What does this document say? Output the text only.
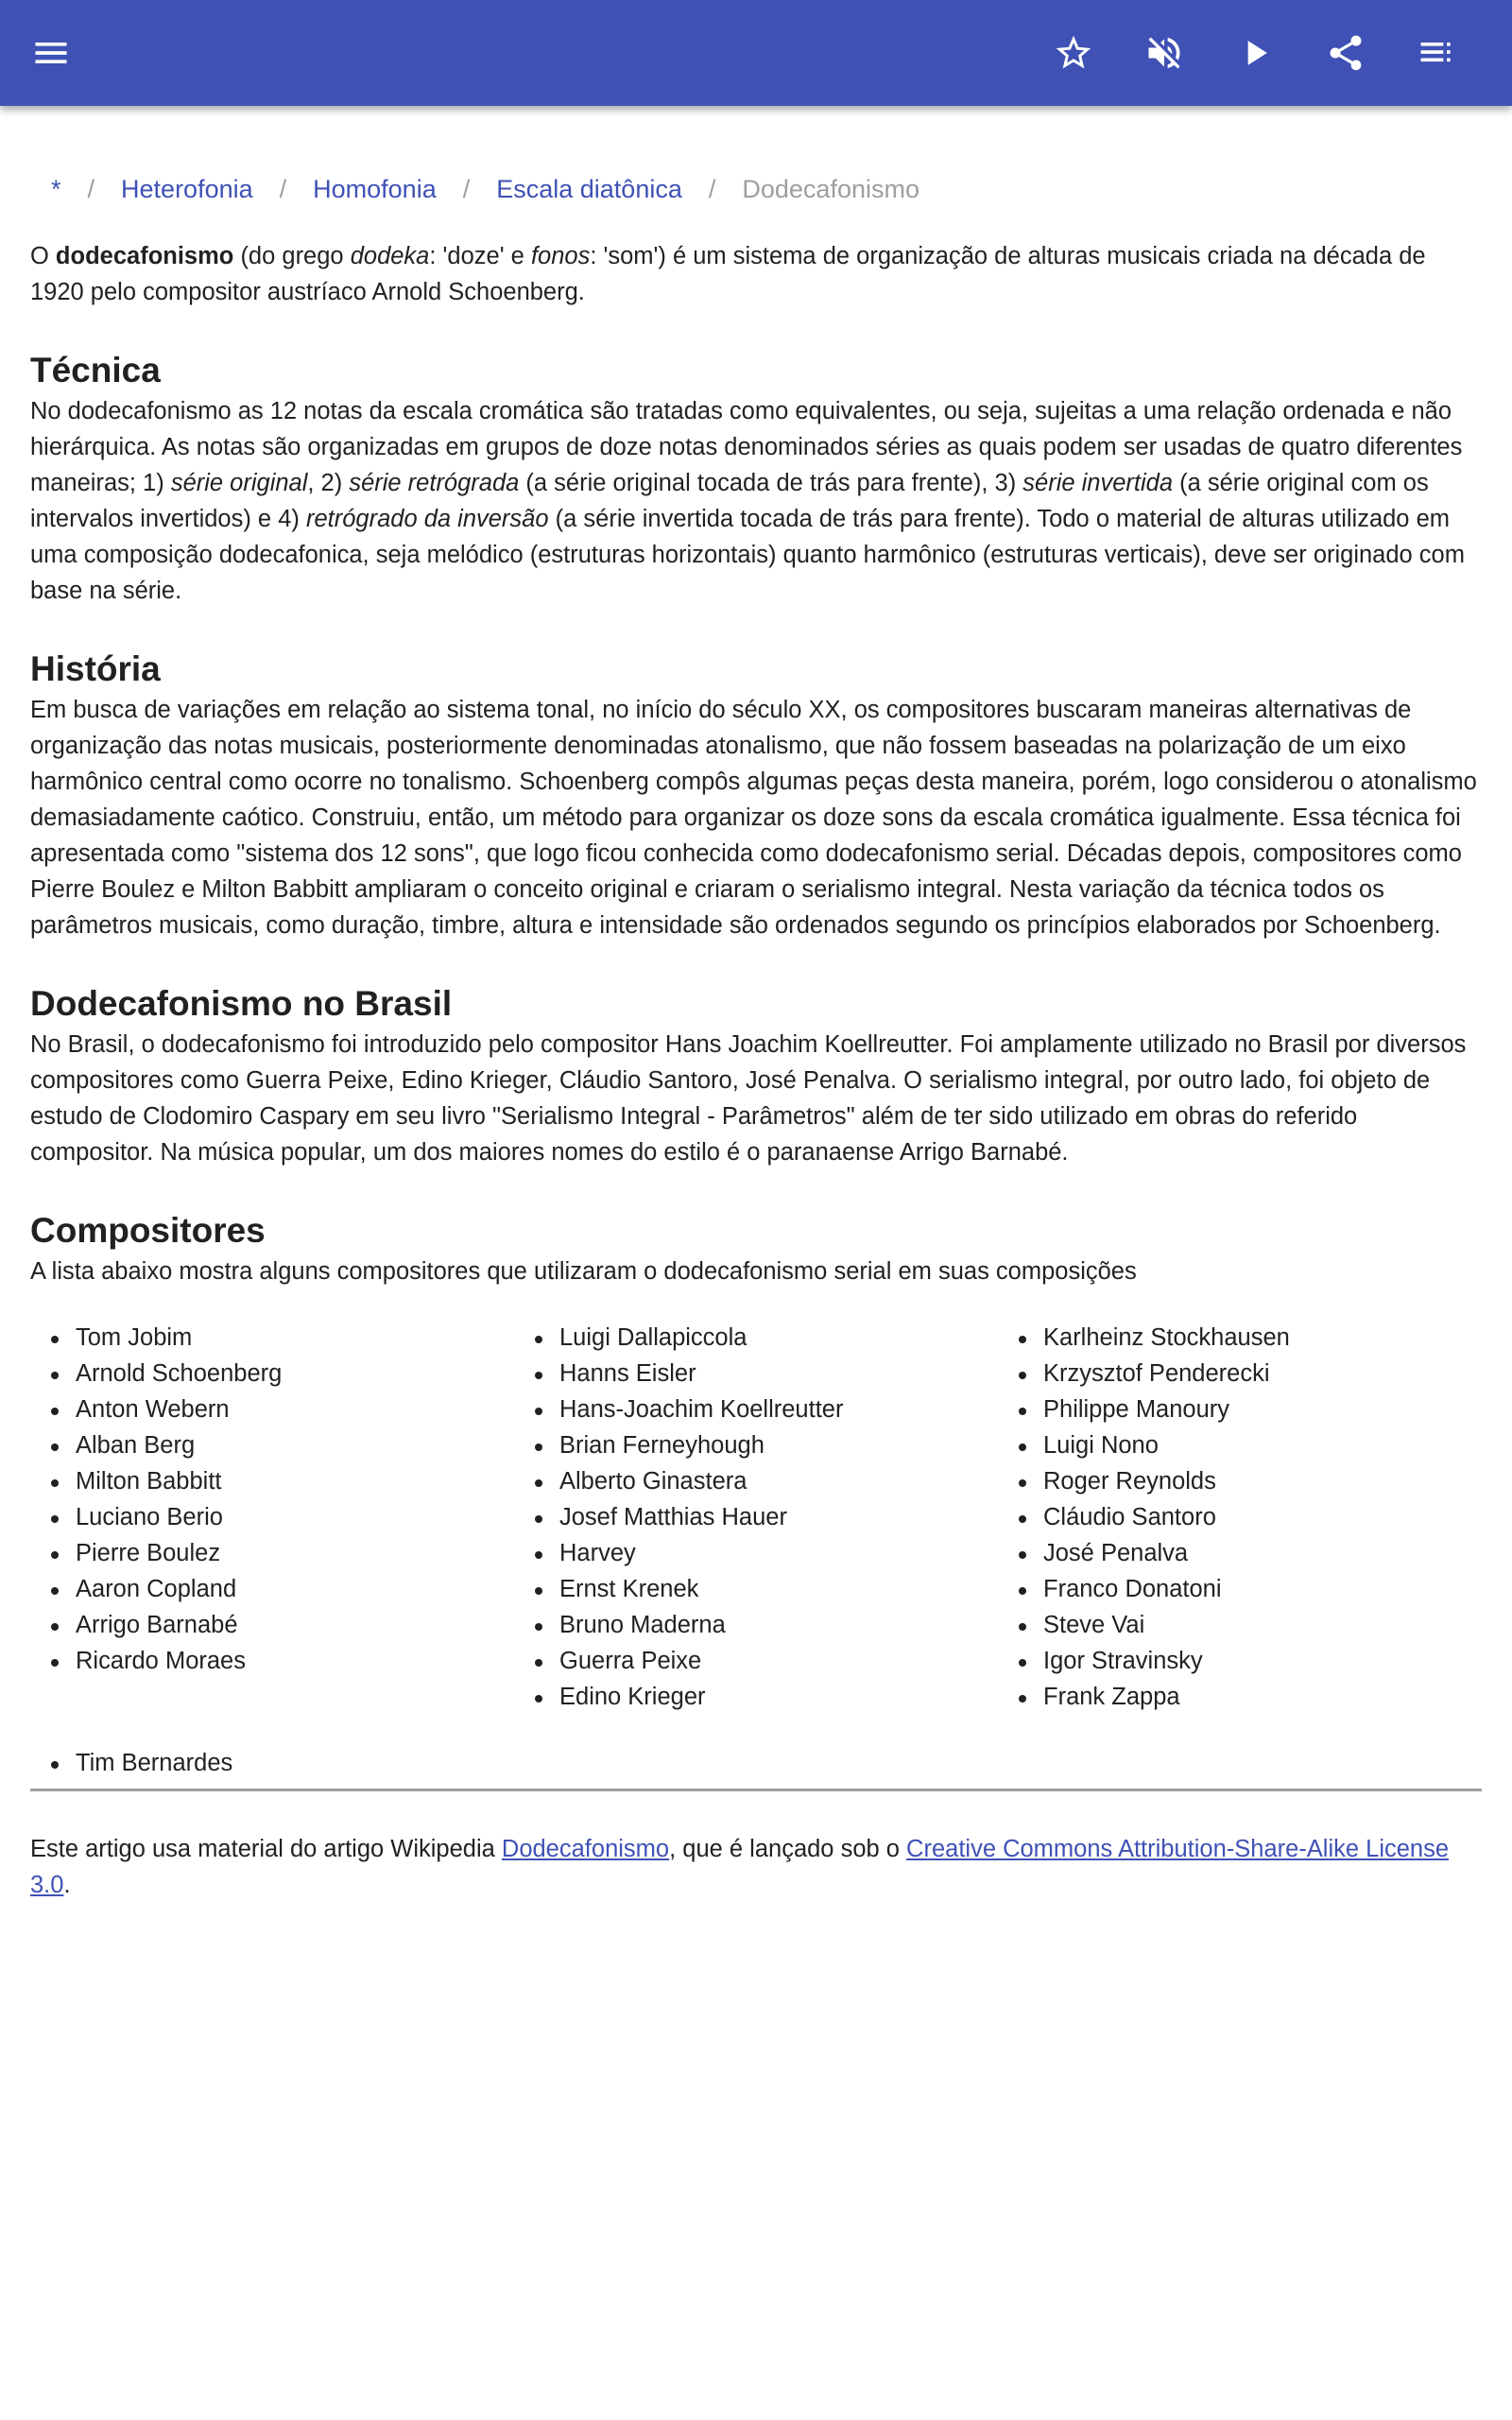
* / Heterofonia / Homofonia / Escala diatônica / Dodecafonismo

O dodecafonismo (do grego dodeka: 'doze' e fonos: 'som') é um sistema de organização de alturas musicais criada na década de 1920 pelo compositor austríaco Arnold Schoenberg.

Técnica

No dodecafonismo as 12 notas da escala cromática são tratadas como equivalentes, ou seja, sujeitas a uma relação ordenada e não hierárquica. As notas são organizadas em grupos de doze notas denominados séries as quais podem ser usadas de quatro diferentes maneiras; 1) série original, 2) série retrógrada (a série original tocada de trás para frente), 3) série invertida (a série original com os intervalos invertidos) e 4) retrógrado da inversão (a série invertida tocada de trás para frente). Todo o material de alturas utilizado em uma composição dodecafonica, seja melódico (estruturas horizontais) quanto harmônico (estruturas verticais), deve ser originado com base na série.

História

Em busca de variações em relação ao sistema tonal, no início do século XX, os compositores buscaram maneiras alternativas de organização das notas musicais, posteriormente denominadas atonalismo, que não fossem baseadas na polarização de um eixo harmônico central como ocorre no tonalismo. Schoenberg compôs algumas peças desta maneira, porém, logo considerou o atonalismo demasiadamente caótico. Construiu, então, um método para organizar os doze sons da escala cromática igualmente. Essa técnica foi apresentada como "sistema dos 12 sons", que logo ficou conhecida como dodecafonismo serial. Décadas depois, compositores como Pierre Boulez e Milton Babbitt ampliaram o conceito original e criaram o serialismo integral. Nesta variação da técnica todos os parâmetros musicais, como duração, timbre, altura e intensidade são ordenados segundo os princípios elaborados por Schoenberg.

Dodecafonismo no Brasil

No Brasil, o dodecafonismo foi introduzido pelo compositor Hans Joachim Koellreutter. Foi amplamente utilizado no Brasil por diversos compositores como Guerra Peixe, Edino Krieger, Cláudio Santoro, José Penalva. O serialismo integral, por outro lado, foi objeto de estudo de Clodomiro Caspary em seu livro "Serialismo Integral - Parâmetros" além de ter sido utilizado em obras do referido compositor. Na música popular, um dos maiores nomes do estilo é o paranaense Arrigo Barnabé.

Compositores

A lista abaixo mostra alguns compositores que utilizaram o dodecafonismo serial em suas composições

Tom Jobim
Arnold Schoenberg
Anton Webern
Alban Berg
Milton Babbitt
Luciano Berio
Pierre Boulez
Aaron Copland
Arrigo Barnabé
Ricardo Moraes
Luigi Dallapiccola
Hanns Eisler
Hans-Joachim Koellreutter
Brian Ferneyhough
Alberto Ginastera
Josef Matthias Hauer
Harvey
Ernst Krenek
Bruno Maderna
Guerra Peixe
Edino Krieger
Karlheinz Stockhausen
Krzysztof Penderecki
Philippe Manoury
Luigi Nono
Roger Reynolds
Cláudio Santoro
José Penalva
Franco Donatoni
Steve Vai
Igor Stravinsky
Frank Zappa
Tim Bernardes

Este artigo usa material do artigo Wikipedia Dodecafonismo, que é lançado sob o Creative Commons Attribution-Share-Alike License 3.0.
